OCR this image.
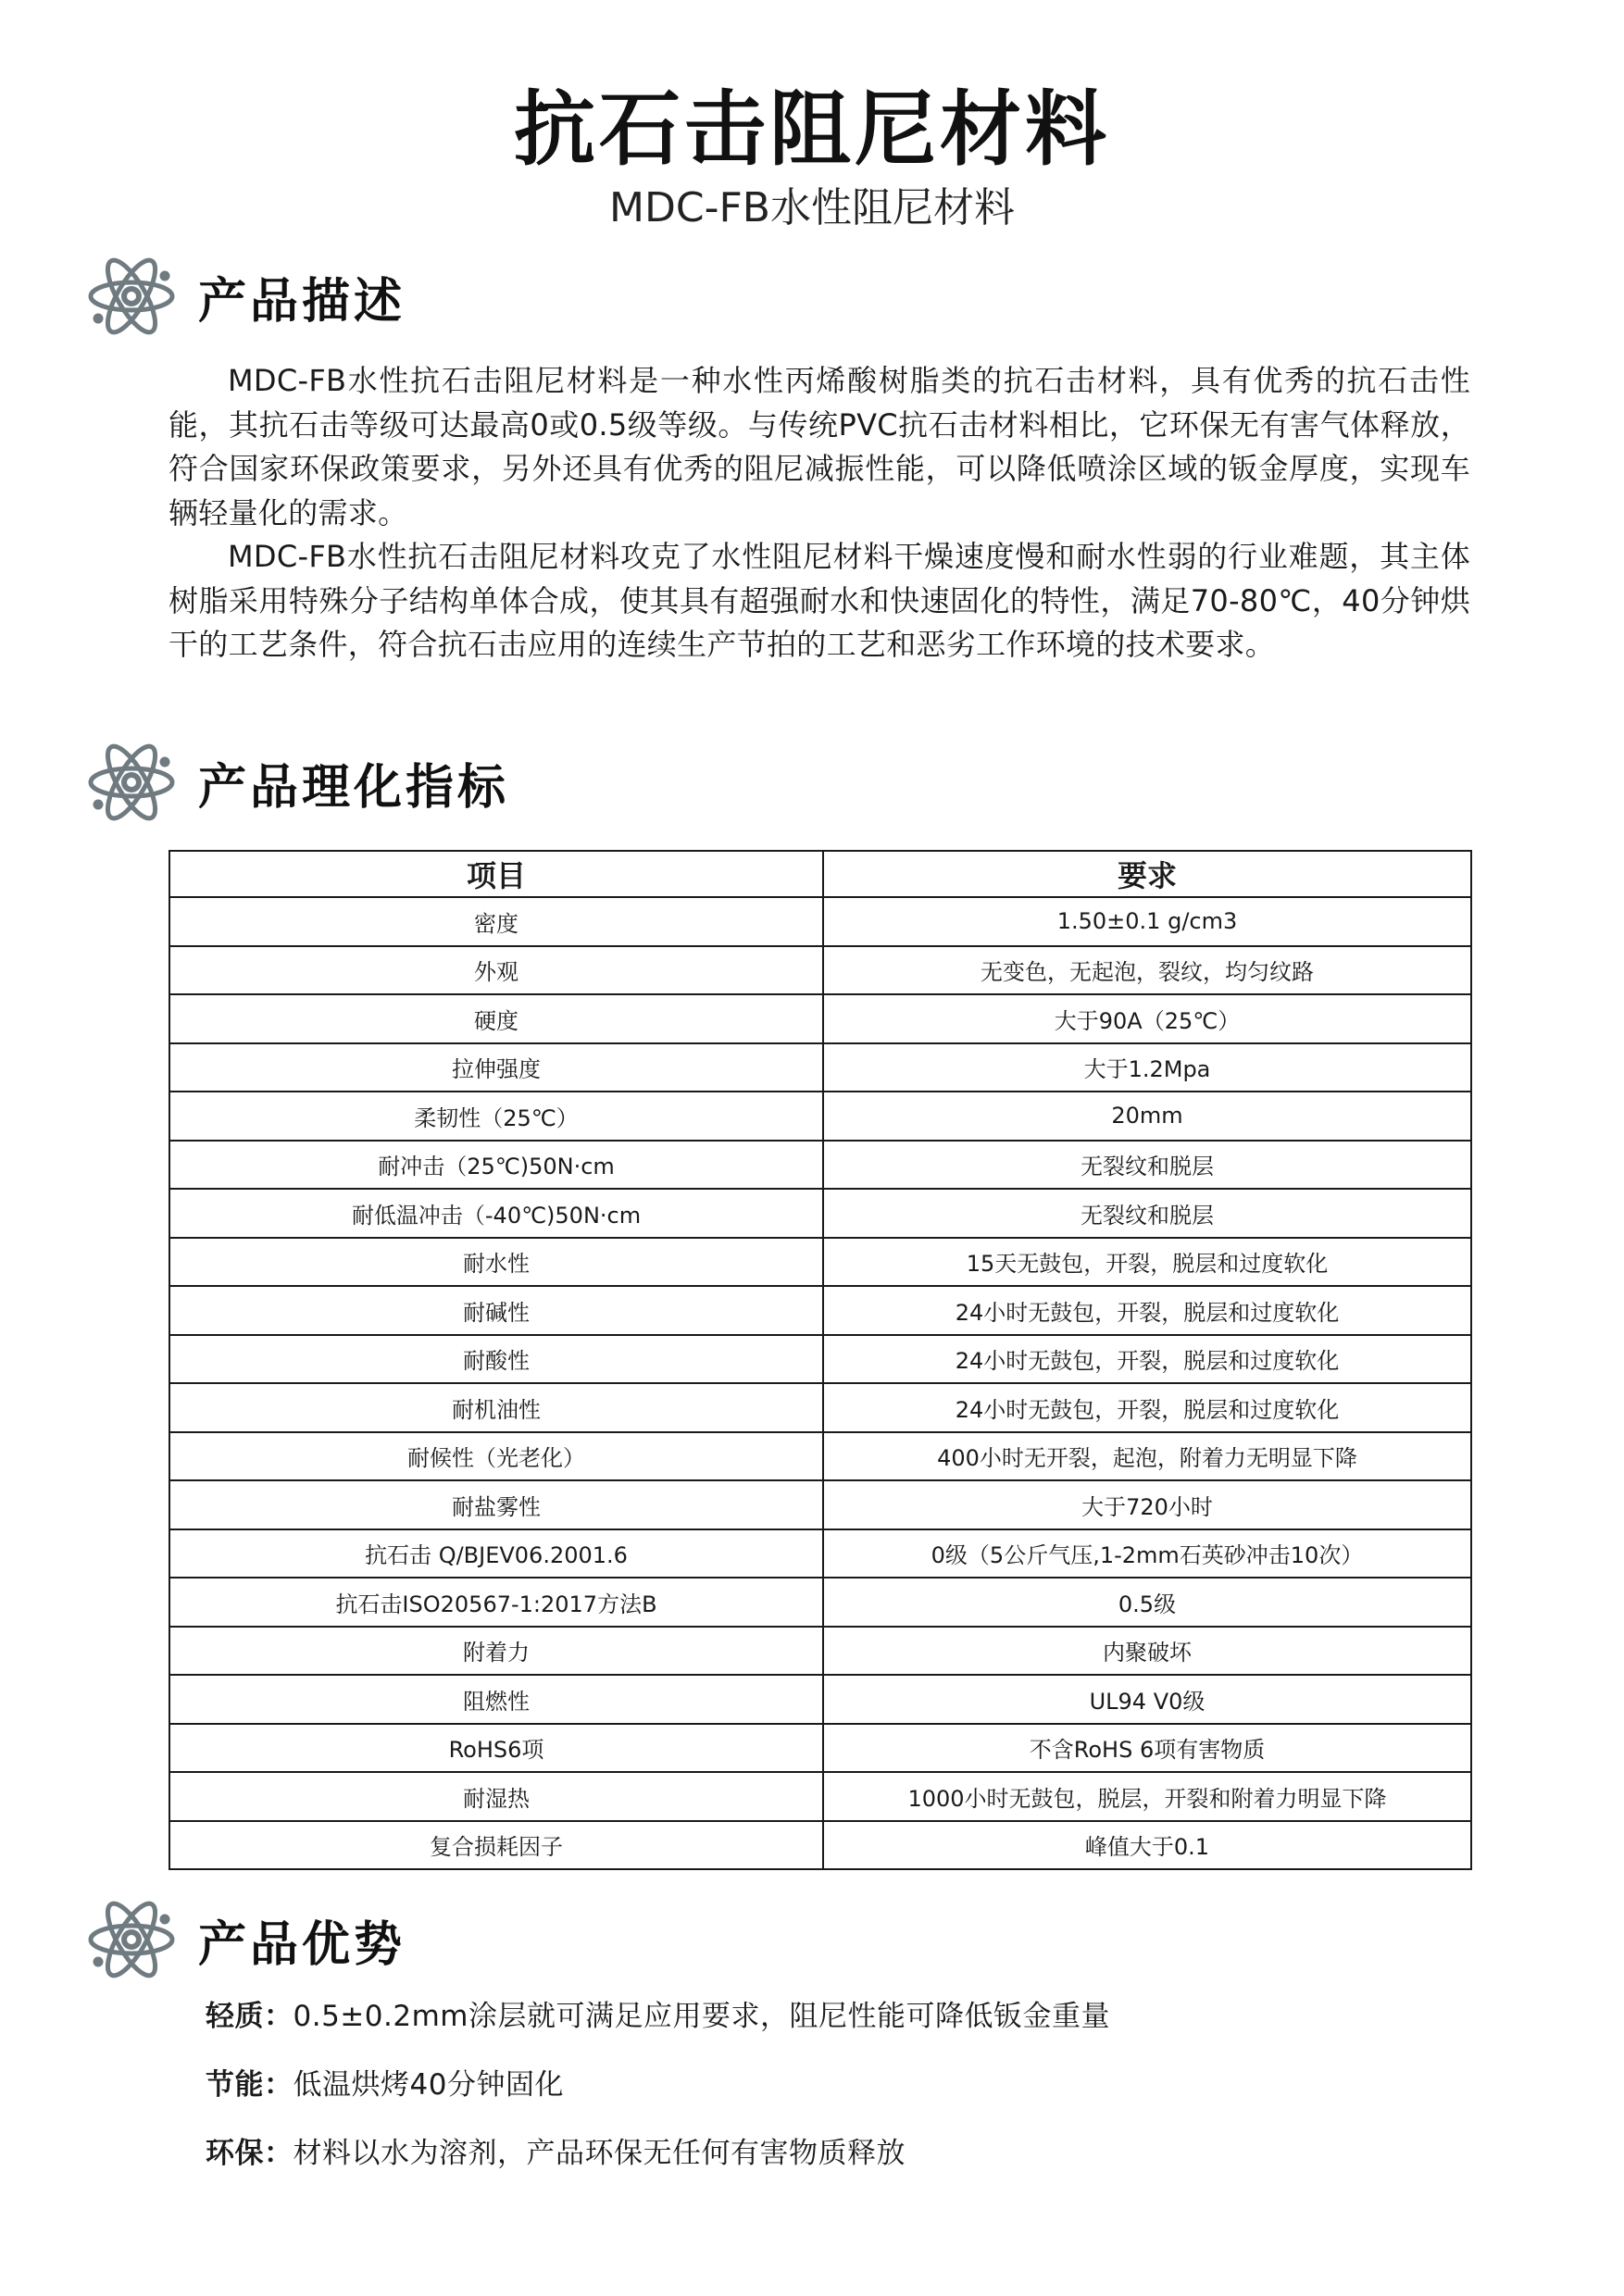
抗石击阻尼材料
MDC-FB水性阻尼材料
产品描述

MDC-FB水性抗石击阻尼材料是一种水性丙烯酸树脂类的抗石击材料，具有优秀的抗石击性能，其抗石击等级可达最高0或0.5级等级。与传统PVC抗石击材料相比，它环保无有害气体释放，符合国家环保政策要求，另外还具有优秀的阻尼减振性能，可以降低喷涂区域的钣金厚度，实现车辆轻量化的需求。

MDC-FB水性抗石击阻尼材料攻克了水性阻尼材料干燥速度慢和耐水性弱的行业难题，其主体树脂采用特殊分子结构单体合成，使其具有超强耐水和快速固化的特性，满足70-80℃，40分钟烘干的工艺条件，符合抗石击应用的连续生产节拍的工艺和恶劣工作环境的技术要求。

产品理化指标
项目	要求
密度	1.50±0.1 g/cm3
外观	无变色，无起泡，裂纹，均匀纹路
硬度	大于90A（25℃）
拉伸强度	大于1.2Mpa
柔韧性（25℃）	20mm
耐冲击（25℃)50N·cm	无裂纹和脱层
耐低温冲击（-40℃)50N·cm	无裂纹和脱层
耐水性	15天无鼓包，开裂，脱层和过度软化
耐碱性	24小时无鼓包，开裂，脱层和过度软化
耐酸性	24小时无鼓包，开裂，脱层和过度软化
耐机油性	24小时无鼓包，开裂，脱层和过度软化
耐候性（光老化）	400小时无开裂，起泡，附着力无明显下降
耐盐雾性	大于720小时
抗石击 Q/BJEV06.2001.6	0级（5公斤气压,1-2mm石英砂冲击10次）
抗石击ISO20567-1:2017方法B	0.5级
附着力	内聚破坏
阻燃性	UL94 V0级
RoHS6项	不含RoHS 6项有害物质
耐湿热	1000小时无鼓包，脱层，开裂和附着力明显下降
复合损耗因子	峰值大于0.1
产品优势
轻质：0.5±0.2mm涂层就可满足应用要求，阻尼性能可降低钣金重量
节能：低温烘烤40分钟固化
环保：材料以水为溶剂，产品环保无任何有害物质释放
